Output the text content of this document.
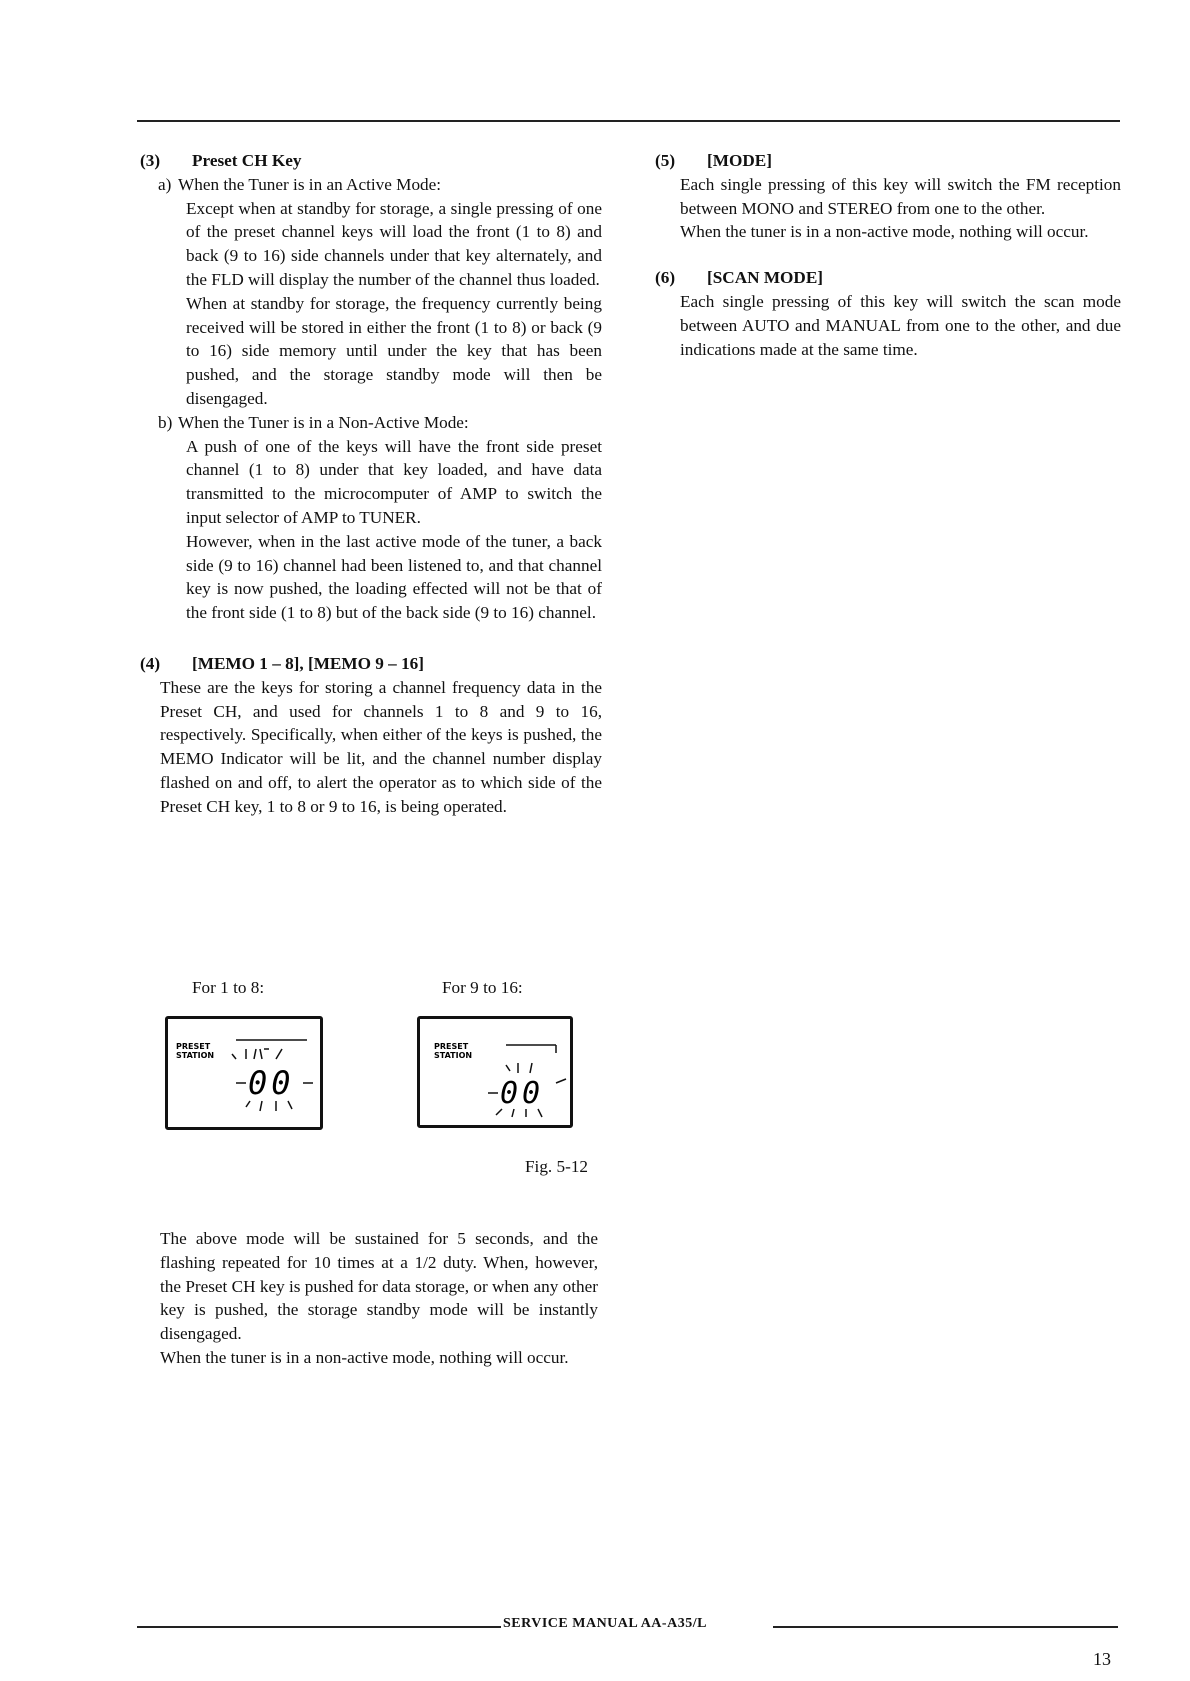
(3)	Preset CH Key
a) When the Tuner is in an Active Mode:

Except when at standby for storage, a single pressing of one of the preset channel keys will load the front (1 to 8) and back (9 to 16) side channels under that key alternately, and the FLD will display the number of the channel thus loaded.

When at standby for storage, the frequency currently being received will be stored in either the front (1 to 8) or back (9 to 16) side memory until under the key that has been pushed, and the storage standby mode will then be disengaged.

b) When the Tuner is in a Non-Active Mode:

A push of one of the keys will have the front side preset channel (1 to 8) under that key loaded, and have data transmitted to the microcomputer of AMP to switch the input selector of AMP to TUNER.

However, when in the last active mode of the tuner, a back side (9 to 16) channel had been listened to, and that channel key is now pushed, the loading effected will not be that of the front side (1 to 8) but of the back side (9 to 16) channel.

(4)	[MEMO 1 – 8], [MEMO 9 – 16]

These are the keys for storing a channel frequency data in the Preset CH, and used for channels 1 to 8 and 9 to 16, respectively. Specifically, when either of the keys is pushed, the MEMO Indicator will be lit, and the channel number display flashed on and off, to alert the operator as to which side of the Preset CH key, 1 to 8 or 9 to 16, is being operated.

For 1 to 8:	For 9 to 16:
PRESET
STATION
00
PRESET
STATION
00
Fig. 5-12

The above mode will be sustained for 5 seconds, and the flashing repeated for 10 times at a 1/2 duty. When, however, the Preset CH key is pushed for data storage, or when any other key is pushed, the storage standby mode will be instantly disengaged.

When the tuner is in a non-active mode, nothing will occur.

(5)	[MODE]

Each single pressing of this key will switch the FM reception between MONO and STEREO from one to the other.

When the tuner is in a non-active mode, nothing will occur.

(6)	[SCAN MODE]

Each single pressing of this key will switch the scan mode between AUTO and MANUAL from one to the other, and due indications made at the same time.

SERVICE MANUAL AA-A35/L
13
